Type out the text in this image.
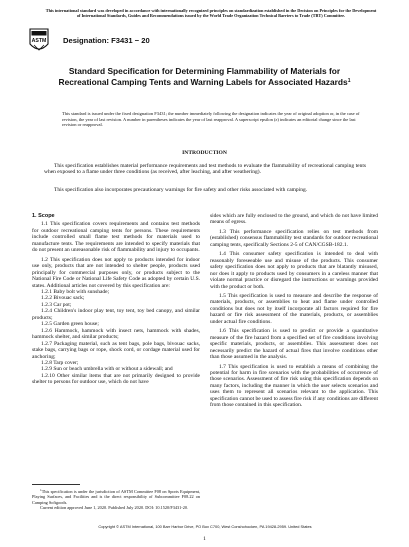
This international standard was developed in accordance with internationally recognized principles on standardization established in the Decision on Principles for the Development of International Standards, Guides and Recommendations issued by the World Trade Organization Technical Barriers to Trade (TBT) Committee.
ASTM Designation: F3431 − 20
Standard Specification for Determining Flammability of Materials for Recreational Camping Tents and Warning Labels for Associated Hazards$^1$
This standard is issued under the fixed designation F3431; the number immediately following the designation indicates the year of original adoption or, in the case of revision, the year of last revision. A number in parentheses indicates the year of last reapproval. A superscript epsilon (ε) indicates an editorial change since the last revision or reapproval.
INTRODUCTION
This specification establishes material performance requirements and test methods to evaluate the flammability of recreational camping tents when exposed to a flame under three conditions (as received, after leaching, and after weathering).
This specification also incorporates precautionary warnings for fire safety and other risks associated with camping.

1. Scope

1.1 This specification covers requirements and contains test methods for outdoor recreational camping tents for persons. These requirements include controlled small flame test methods for materials used to manufacture tents. The requirements are intended to specify materials that do not present an unreasonable risk of flammability and injury to occupants.

1.2 This specification does not apply to products intended for indoor use only, products that are not intended to shelter people, products used principally for commercial purposes only, or products subject to the National Fire Code or National Life Safety Code as adopted by certain U.S. states. Additional articles not covered by this specification are:

1.2.1 Baby bolt with sunshade;

1.2.2 Bivouac sack;

1.2.3 Car pot;

1.2.4 Children's indoor play tent, toy tent, toy bed canopy, and similar products;

1.2.5 Garden green house;

1.2.6 Hammock, hammock with insect nets, hammock with shades, hammock shelter, and similar products;

1.2.7 Packaging material, such as tent bags, pole bags, bivouac sacks, stake bags, carrying bags or rope, shock cord, or cordage material used for anchoring;

1.2.8 Tarp cover;

1.2.9 Sun or beach umbrella with or without a sidewall; and

1.2.10 Other similar items that are not primarily designed to provide shelter to persons for outdoor use, which do not have

$^1$This specification is under the jurisdiction of ASTM Committee F08 on Sports Equipment, Playing Surfaces, and Facilities and is the direct responsibility of Subcommittee F08.22 on Camping Softgoods.
Current edition approved June 1, 2020. Published July 2020. DOI: 10.1520/F3431-20.

sides which are fully enclosed to the ground, and which do not have limited means of egress.

1.3 This performance specification relies on test methods from (established) consensus flammability test standards for outdoor recreational camping tents, specifically Sections 2-5 of CAN/CGSB-182.1.

1.4 This consumer safety specification is intended to deal with reasonably foreseeable use and misuse of the products. This consumer safety specification does not apply to products that are blatantly misused, nor does it apply to products used by consumers in a careless manner that violate normal practice or disregard the instructions or warnings provided with the product or both.

1.5 This specification is used to measure and describe the response of materials, products, or assemblies to heat and flame under controlled conditions but does not by itself incorporate all factors required for fire hazard or fire risk assessment of the materials, products, or assemblies under actual fire conditions.

1.6 This specification is used to predict or provide a quantitative measure of the fire hazard from a specified set of fire conditions involving specific materials, products, or assemblies. This assessment does not necessarily predict the hazard of actual fires that involve conditions other than those assumed in the analysis.

1.7 This specification is used to establish a means of combining the potential for harm in fire scenarios with the probabilities of occurrence of those scenarios. Assessment of fire risk using this specification depends on many factors, including the manner in which the user selects scenarios and uses them to represent all scenarios relevant to the application. This specification cannot be used to assess fire risk if any conditions are different from those contained in this specification.

Copyright © ASTM International, 100 Barr Harbor Drive, PO Box C700, West Conshohocken, PA 19428-2959. United States
1
